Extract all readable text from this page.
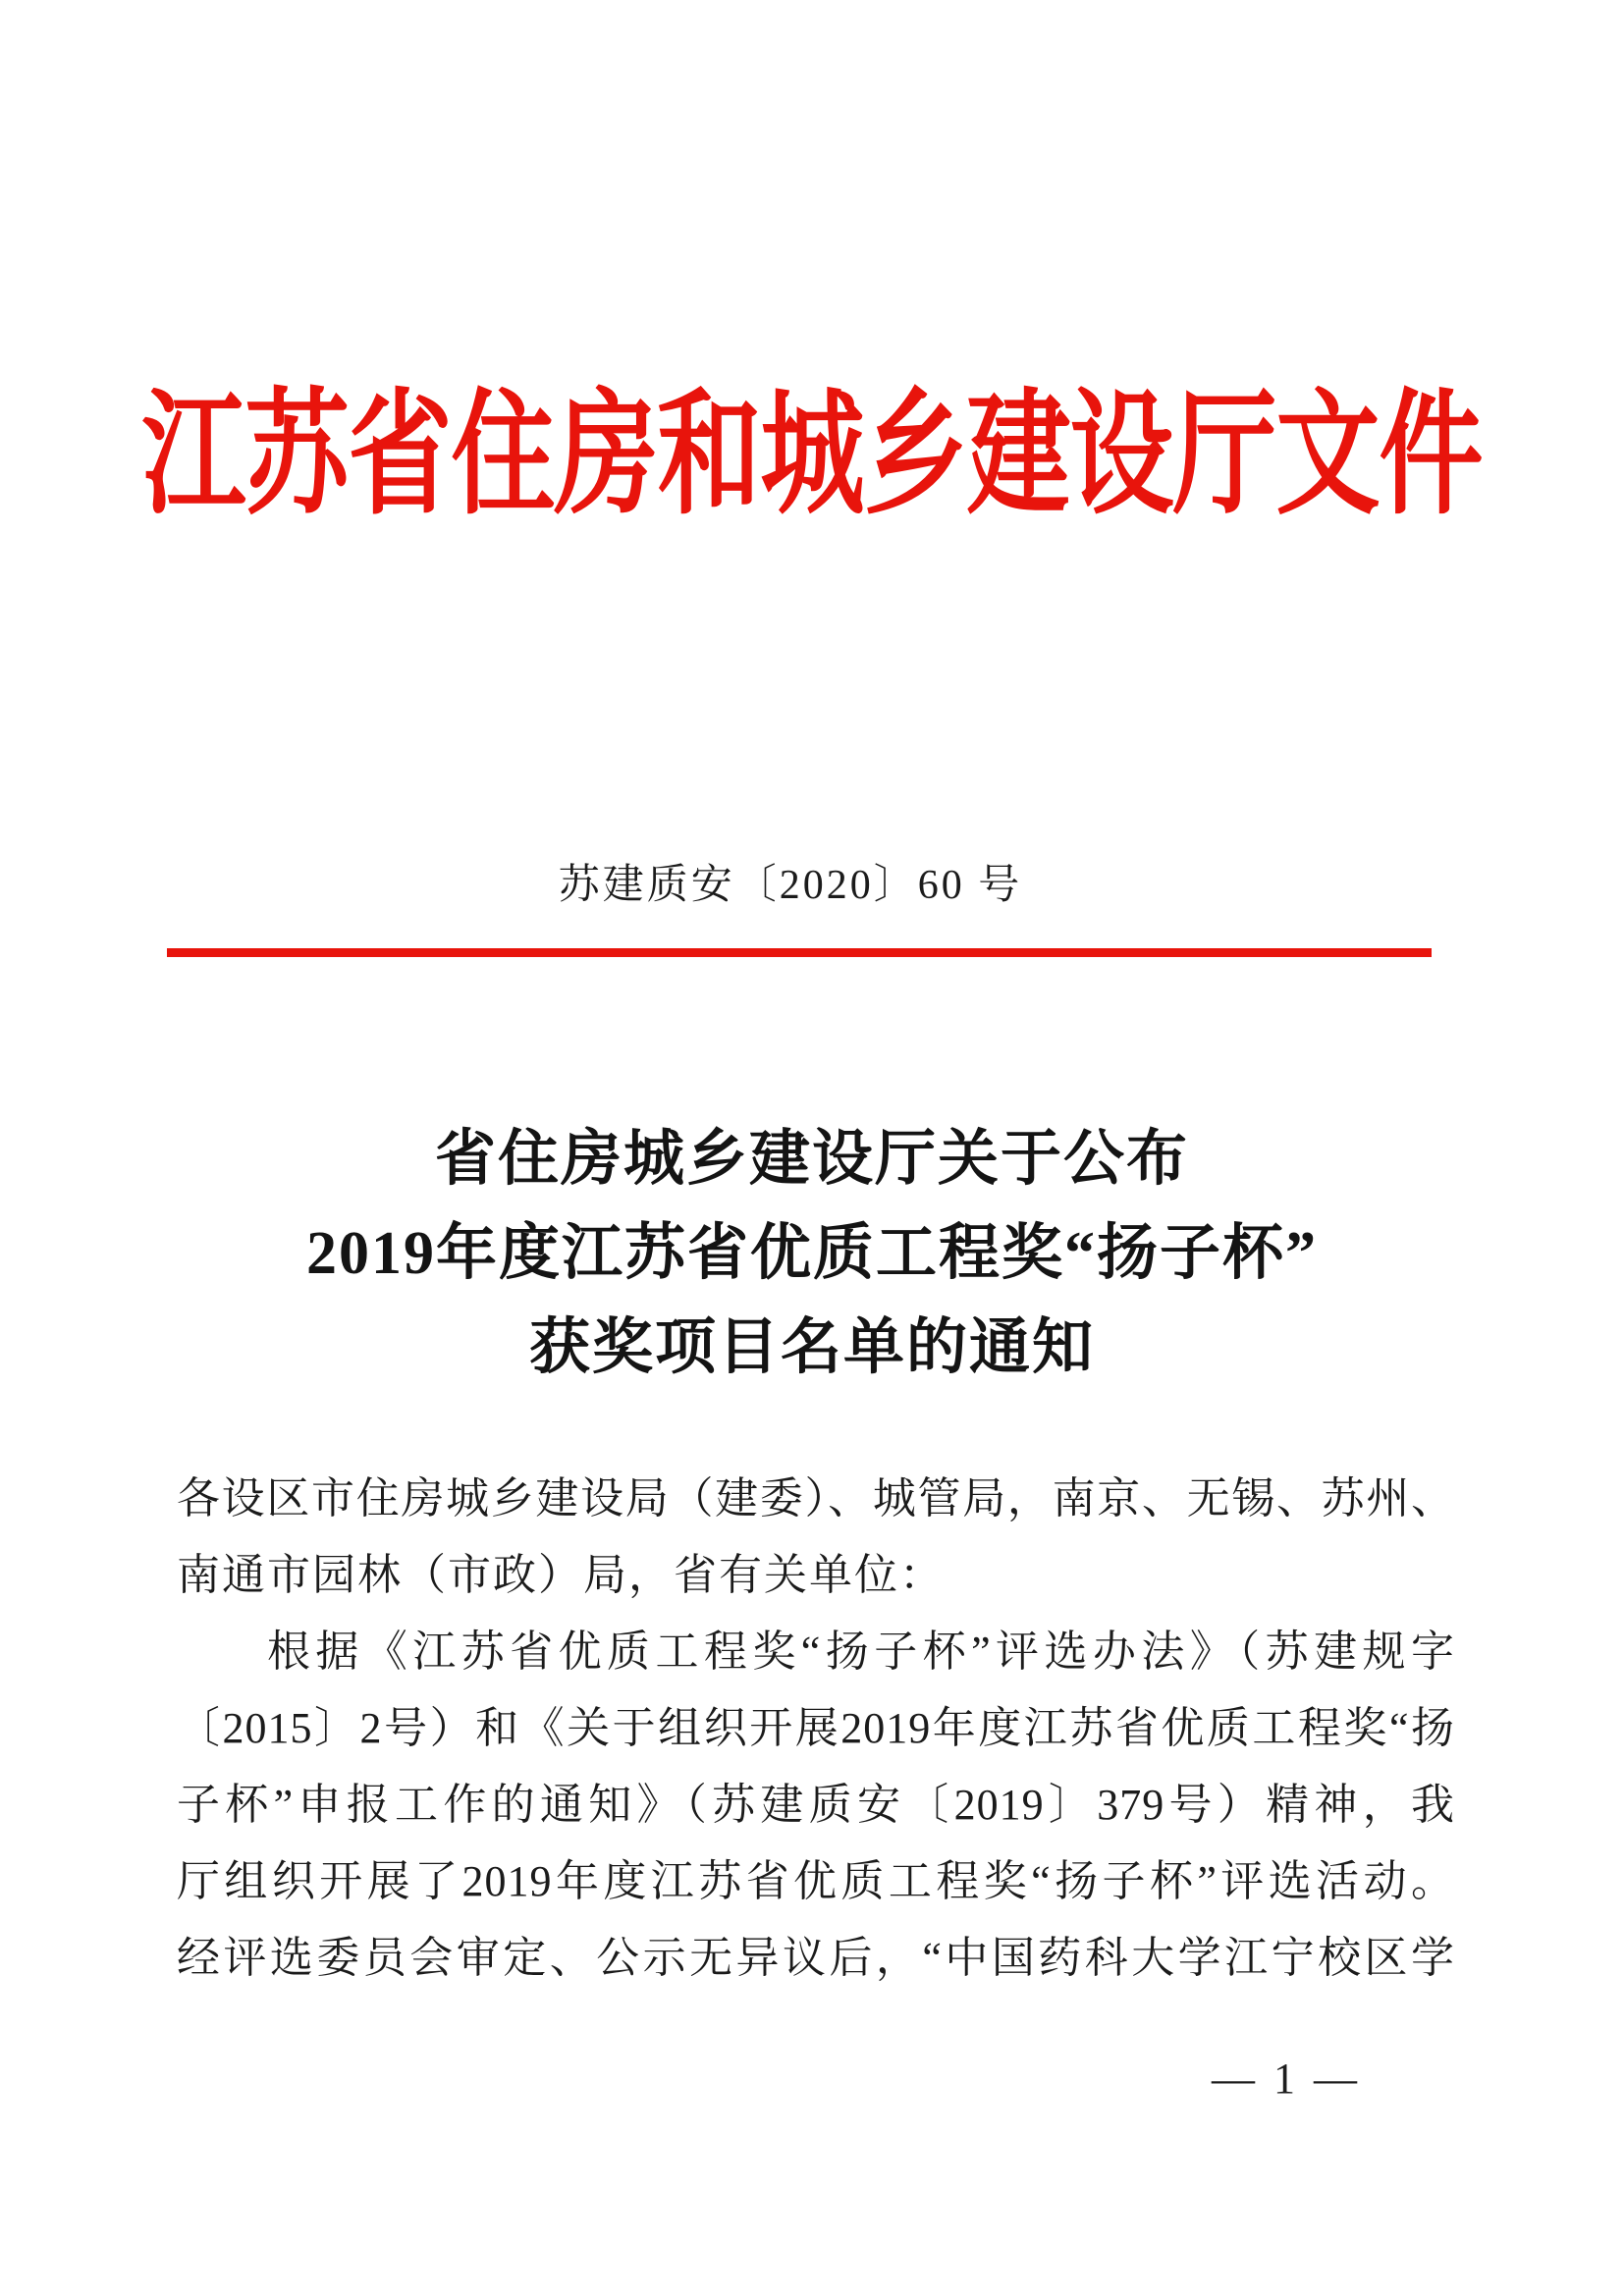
江苏省住房和城乡建设厅文件
苏建质安〔2020〕60 号
省住房城乡建设厅关于公布
2019年度江苏省优质工程奖“扬子杯”
获奖项目名单的通知
各设区市住房城乡建设局（建委）、城管局，南京、无锡、苏州、
南通市园林（市政）局，省有关单位：
根据《江苏省优质工程奖“扬子杯”评选办法》（苏建规字
〔2015〕2号）和《关于组织开展2019年度江苏省优质工程奖“扬
子杯”申报工作的通知》（苏建质安〔2019〕379号）精神，我
厅组织开展了2019年度江苏省优质工程奖“扬子杯”评选活动。
经评选委员会审定、公示无异议后，“中国药科大学江宁校区学
— 1 —
